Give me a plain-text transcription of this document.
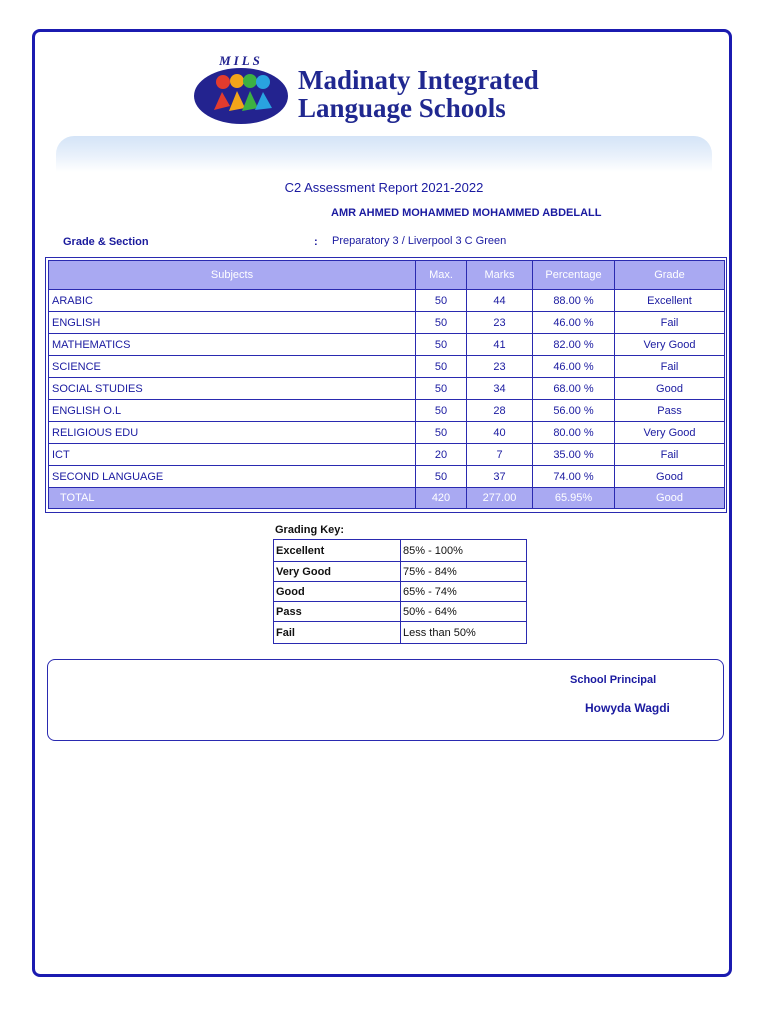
MILS
Madinaty Integrated
Language Schools
C2 Assessment Report 2021-2022
AMR AHMED MOHAMMED MOHAMMED ABDELALL
Grade & Section	: Preparatory 3 / Liverpool 3 C Green
Subjects	Max.	Marks	Percentage	Grade
ARABIC	50	44	88.00 %	Excellent
ENGLISH	50	23	46.00 %	Fail
MATHEMATICS	50	41	82.00 %	Very Good
SCIENCE	50	23	46.00 %	Fail
SOCIAL STUDIES	50	34	68.00 %	Good
ENGLISH O.L	50	28	56.00 %	Pass
RELIGIOUS EDU	50	40	80.00 %	Very Good
ICT	20	7	35.00 %	Fail
SECOND LANGUAGE	50	37	74.00 %	Good
TOTAL	420	277.00	65.95%	Good
Grading Key:
Excellent	85% - 100%
Very Good	75% - 84%
Good	65% - 74%
Pass	50% - 64%
Fail	Less than 50%
School Principal
Howyda Wagdi
